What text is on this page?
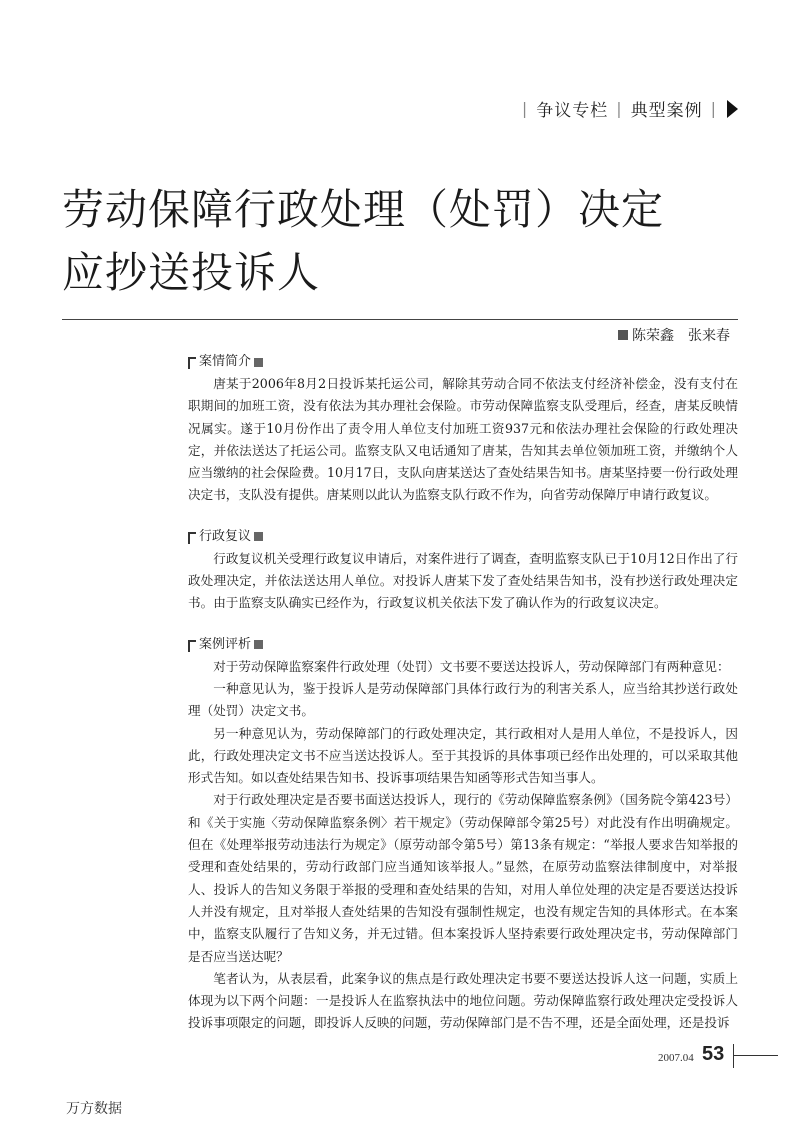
| 争议专栏 | 典型案例 |
劳动保障行政处理（处罚）决定
应抄送投诉人
陈荣鑫　张来春
案情简介

唐某于2006年8月2日投诉某托运公司，解除其劳动合同不依法支付经济补偿金，没有支付在职期间的加班工资，没有依法为其办理社会保险。市劳动保障监察支队受理后，经查，唐某反映情况属实。遂于10月份作出了责令用人单位支付加班工资937元和依法办理社会保险的行政处理决定，并依法送达了托运公司。监察支队又电话通知了唐某，告知其去单位领加班工资，并缴纳个人应当缴纳的社会保险费。10月17日，支队向唐某送达了查处结果告知书。唐某坚持要一份行政处理决定书，支队没有提供。唐某则以此认为监察支队行政不作为，向省劳动保障厅申请行政复议。

行政复议

行政复议机关受理行政复议申请后，对案件进行了调查，查明监察支队已于10月12日作出了行政处理决定，并依法送达用人单位。对投诉人唐某下发了查处结果告知书，没有抄送行政处理决定书。由于监察支队确实已经作为，行政复议机关依法下发了确认作为的行政复议决定。

案例评析

对于劳动保障监察案件行政处理（处罚）文书要不要送达投诉人，劳动保障部门有两种意见：

一种意见认为，鉴于投诉人是劳动保障部门具体行政行为的利害关系人，应当给其抄送行政处理（处罚）决定文书。

另一种意见认为，劳动保障部门的行政处理决定，其行政相对人是用人单位，不是投诉人，因此，行政处理决定文书不应当送达投诉人。至于其投诉的具体事项已经作出处理的，可以采取其他形式告知。如以查处结果告知书、投诉事项结果告知函等形式告知当事人。

对于行政处理决定是否要书面送达投诉人，现行的《劳动保障监察条例》（国务院令第423号）和《关于实施〈劳动保障监察条例〉若干规定》（劳动保障部令第25号）对此没有作出明确规定。但在《处理举报劳动违法行为规定》（原劳动部令第5号）第13条有规定：“举报人要求告知举报的受理和查处结果的，劳动行政部门应当通知该举报人。”显然，在原劳动监察法律制度中，对举报人、投诉人的告知义务限于举报的受理和查处结果的告知，对用人单位处理的决定是否要送达投诉人并没有规定，且对举报人查处结果的告知没有强制性规定，也没有规定告知的具体形式。在本案中，监察支队履行了告知义务，并无过错。但本案投诉人坚持索要行政处理决定书，劳动保障部门是否应当送达呢？

笔者认为，从表层看，此案争议的焦点是行政处理决定书要不要送达投诉人这一问题，实质上体现为以下两个问题：一是投诉人在监察执法中的地位问题。劳动保障监察行政处理决定受投诉人投诉事项限定的问题，即投诉人反映的问题，劳动保障部门是不告不理，还是全面处理，还是投诉

2007.04 53
万方数据
